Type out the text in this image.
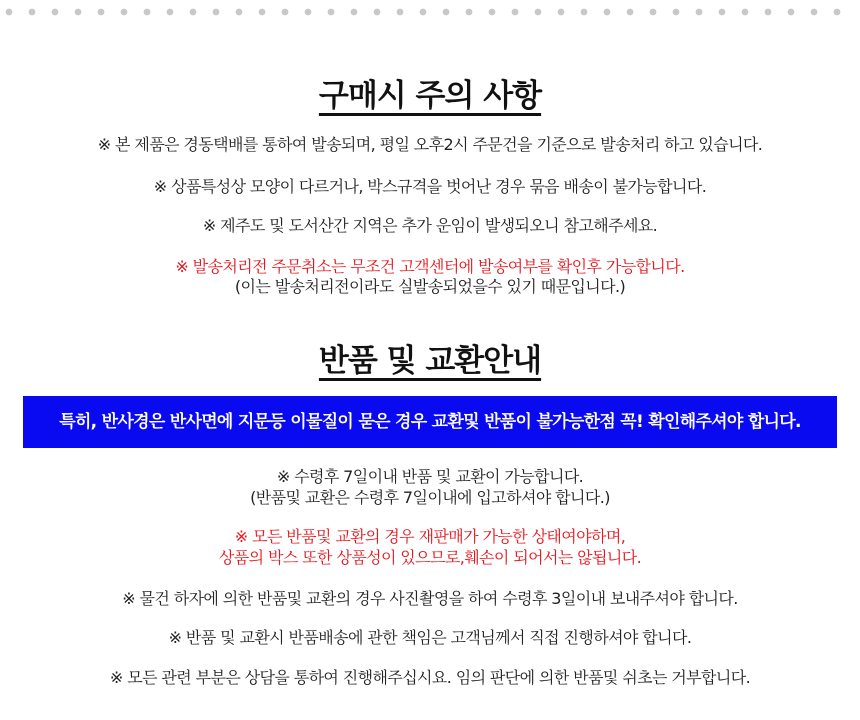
구매시 주의 사항
※ 본 제품은 경동택배를 통하여 발송되며, 평일 오후2시 주문건을 기준으로 발송처리 하고 있습니다.
※ 상품특성상 모양이 다르거나, 박스규격을 벗어난 경우 묶음 배송이 불가능합니다.
※ 제주도 및 도서산간 지역은 추가 운임이 발생되오니 참고해주세요.
※ 발송처리전 주문취소는 무조건 고객센터에 발송여부를 확인후 가능합니다.
(이는 발송처리전이라도 실발송되었을수 있기 때문입니다.)
반품 및 교환안내
특히, 반사경은 반사면에 지문등 이물질이 묻은 경우 교환및 반품이 불가능한점 꼭! 확인해주셔야 합니다.
※ 수령후 7일이내 반품 및 교환이 가능합니다.
(반품및 교환은 수령후 7일이내에 입고하셔야 합니다.)
※ 모든 반품및 교환의 경우 재판매가 가능한 상태여야하며,
상품의 박스 또한 상품성이 있으므로,훼손이 되어서는 않됩니다.
※ 물건 하자에 의한 반품및 교환의 경우 사진촬영을 하여 수령후 3일이내 보내주셔야 합니다.
※ 반품 및 교환시 반품배송에 관한 책임은 고객님께서 직접 진행하셔야 합니다.
※ 모든 관련 부분은 상담을 통하여 진행해주십시요. 임의 판단에 의한 반품및 쉬초는 거부합니다.
